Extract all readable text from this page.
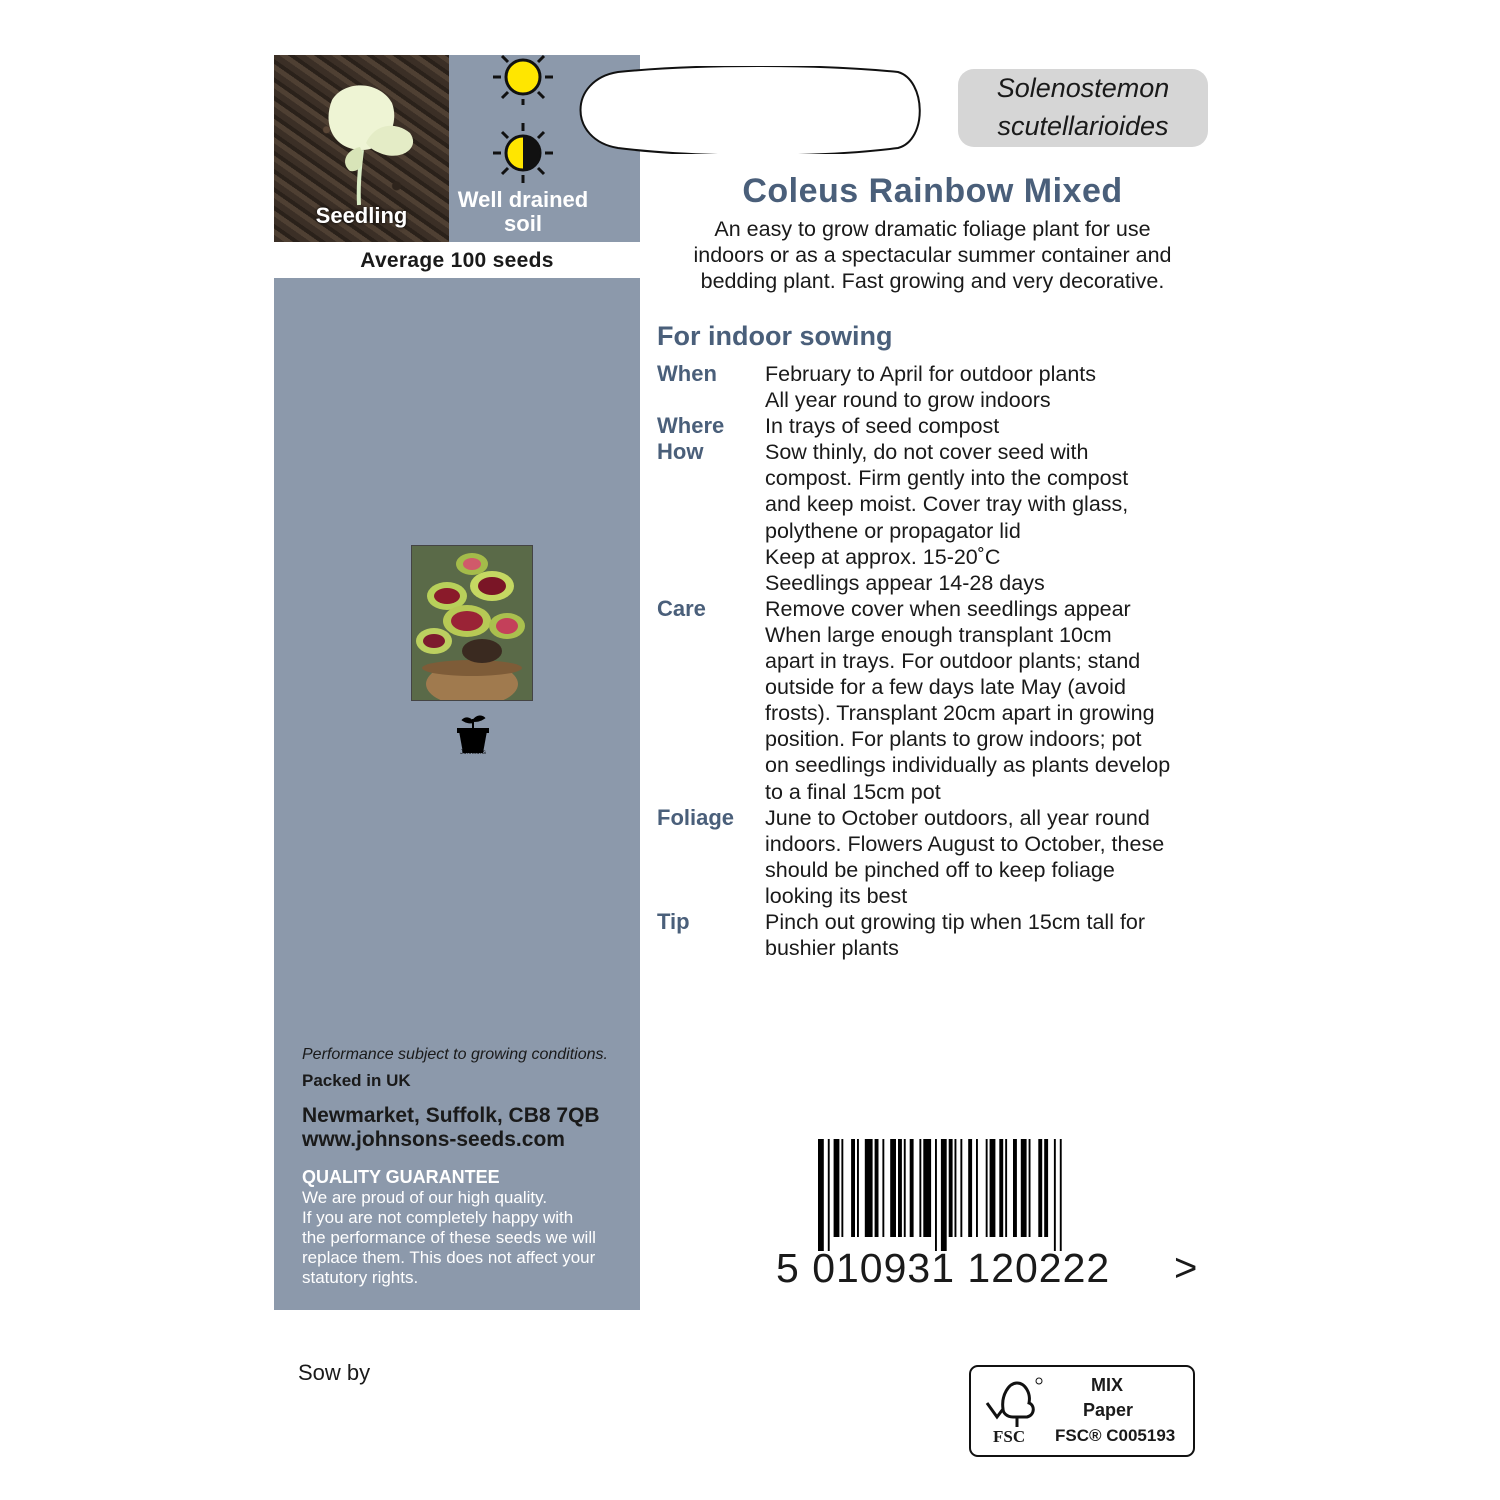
Seedling
Well drained
soil
Average 100 seeds
Johnsons
Performance subject to growing conditions.
Packed in UK
Newmarket, Suffolk, CB8 7QB
www.johnsons-seeds.com
QUALITY GUARANTEE
We are proud of our high quality.
If you are not completely happy with
the performance of these seeds we will
replace them. This does not affect your
statutory rights.
Solenostemon
scutellarioides
Coleus Rainbow Mixed
An easy to grow dramatic foliage plant for use
indoors or as a spectacular summer container and
bedding plant. Fast growing and very decorative.
For indoor sowing
When	February to April for outdoor plants
All year round to grow indoors
Where	In trays of seed compost
How	Sow thinly, do not cover seed with
compost. Firm gently into the compost
and keep moist. Cover tray with glass,
polythene or propagator lid
Keep at approx. 15-20˚C
Seedlings appear 14-28 days
Care	Remove cover when seedlings appear
When large enough transplant 10cm
apart in trays. For outdoor plants; stand
outside for a few days late May (avoid
frosts). Transplant 20cm apart in growing
position. For plants to grow indoors; pot
on seedlings individually as plants develop
to a final 15cm pot
Foliage	June to October outdoors, all year round
indoors. Flowers August to October, these
should be pinched off to keep foliage
looking its best
Tip	Pinch out growing tip when 15cm tall for
bushier plants
5 010931 120222 >
Sow by
FSC
MIX
Paper
FSC® C005193
